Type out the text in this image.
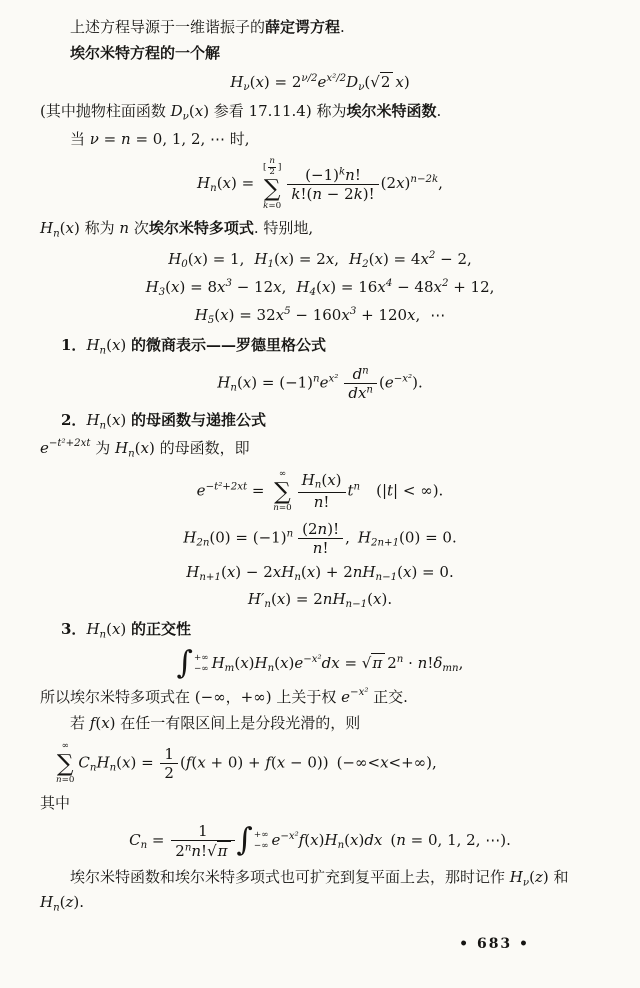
上述方程导源于一维谐振子的薛定谔方程.

埃尔米特方程的一个解

$H\nu(x) = 2^{\nu/2}e^{x^2/2}D\nu$( √ 2 x)

(其中抛物柱面函数 $D_\nu(x)$ 参看 17.11.4) 称为埃尔米特函数.

当 ν = n = 0, 1, 2, ⋯ 时,

Hn(x) =
[ $\frac{n}{2}$ ]
∑
k=0
$\frac{(-1)^kn!}{k!(n - 2k)!} (2x)^{n-2k}$,

$H_n(x)$ 称为 n 次埃尔米特多项式. 特别地,

H0(x) = 1, H1(x) = 2x, $H2(x) = 4x^2 - 2$,
$H3(x) = 8x^3 - 12x$, $H4(x) = 16x^4 - 48x^2 + 12$,
$H5(x) = 32x^5 - 160x^3 + 120x$, ⋯

1．$H_n(x)$ 的微商表示——罗德里格公式

$Hn(x) = (-1)^ne^{x^2} \frac{d^n}{dx^n} (e^{-x^2})$.

2．$H_n(x)$ 的母函数与递推公式

$e^{-t^2+2xt}$ 为 $H_n(x)$ 的母函数，即

$e^{-t^2+2xt}$ =
∞
∑
$n=0 \frac{Hn(x)}{n!} t^n$ (|t| < ∞).
$H2n(0) = (-1)^n \frac{(2n)!}{n!}$ , H2n+1(0) = 0.
Hn+1(x) − 2xHn(x) + 2nHn−1(x) = 0.
H′n(x) = 2nHn−1(x).

3．$H_n(x)$ 的正交性

∫ +∞
−∞ $Hm(x)Hn(x)e^{-x^2}dx$ = √ π $2^n \cdot n!\delta mn$,

所以埃尔米特多项式在 (−∞，+∞) 上关于权 $e^{-x^2}$ 正交.

若 f(x) 在任一有限区间上是分段光滑的，则

∞
∑
n=0
CnHn(x) = $\frac{1}{2} (f(x + 0) + f(x - 0))$ (−∞<x<+∞),

其中

$Cn = \frac{1}{2^nn! √ \pi}$ ∫ +∞
−∞ $e^{-x^2}f(x)Hn(x)dx$ (n = 0, 1, 2, ⋯).

埃尔米特函数和埃尔米特多项式也可扩充到复平面上去，那时记作 $H_\nu(z)$ 和 $H_n(z)$.

• 683 •
